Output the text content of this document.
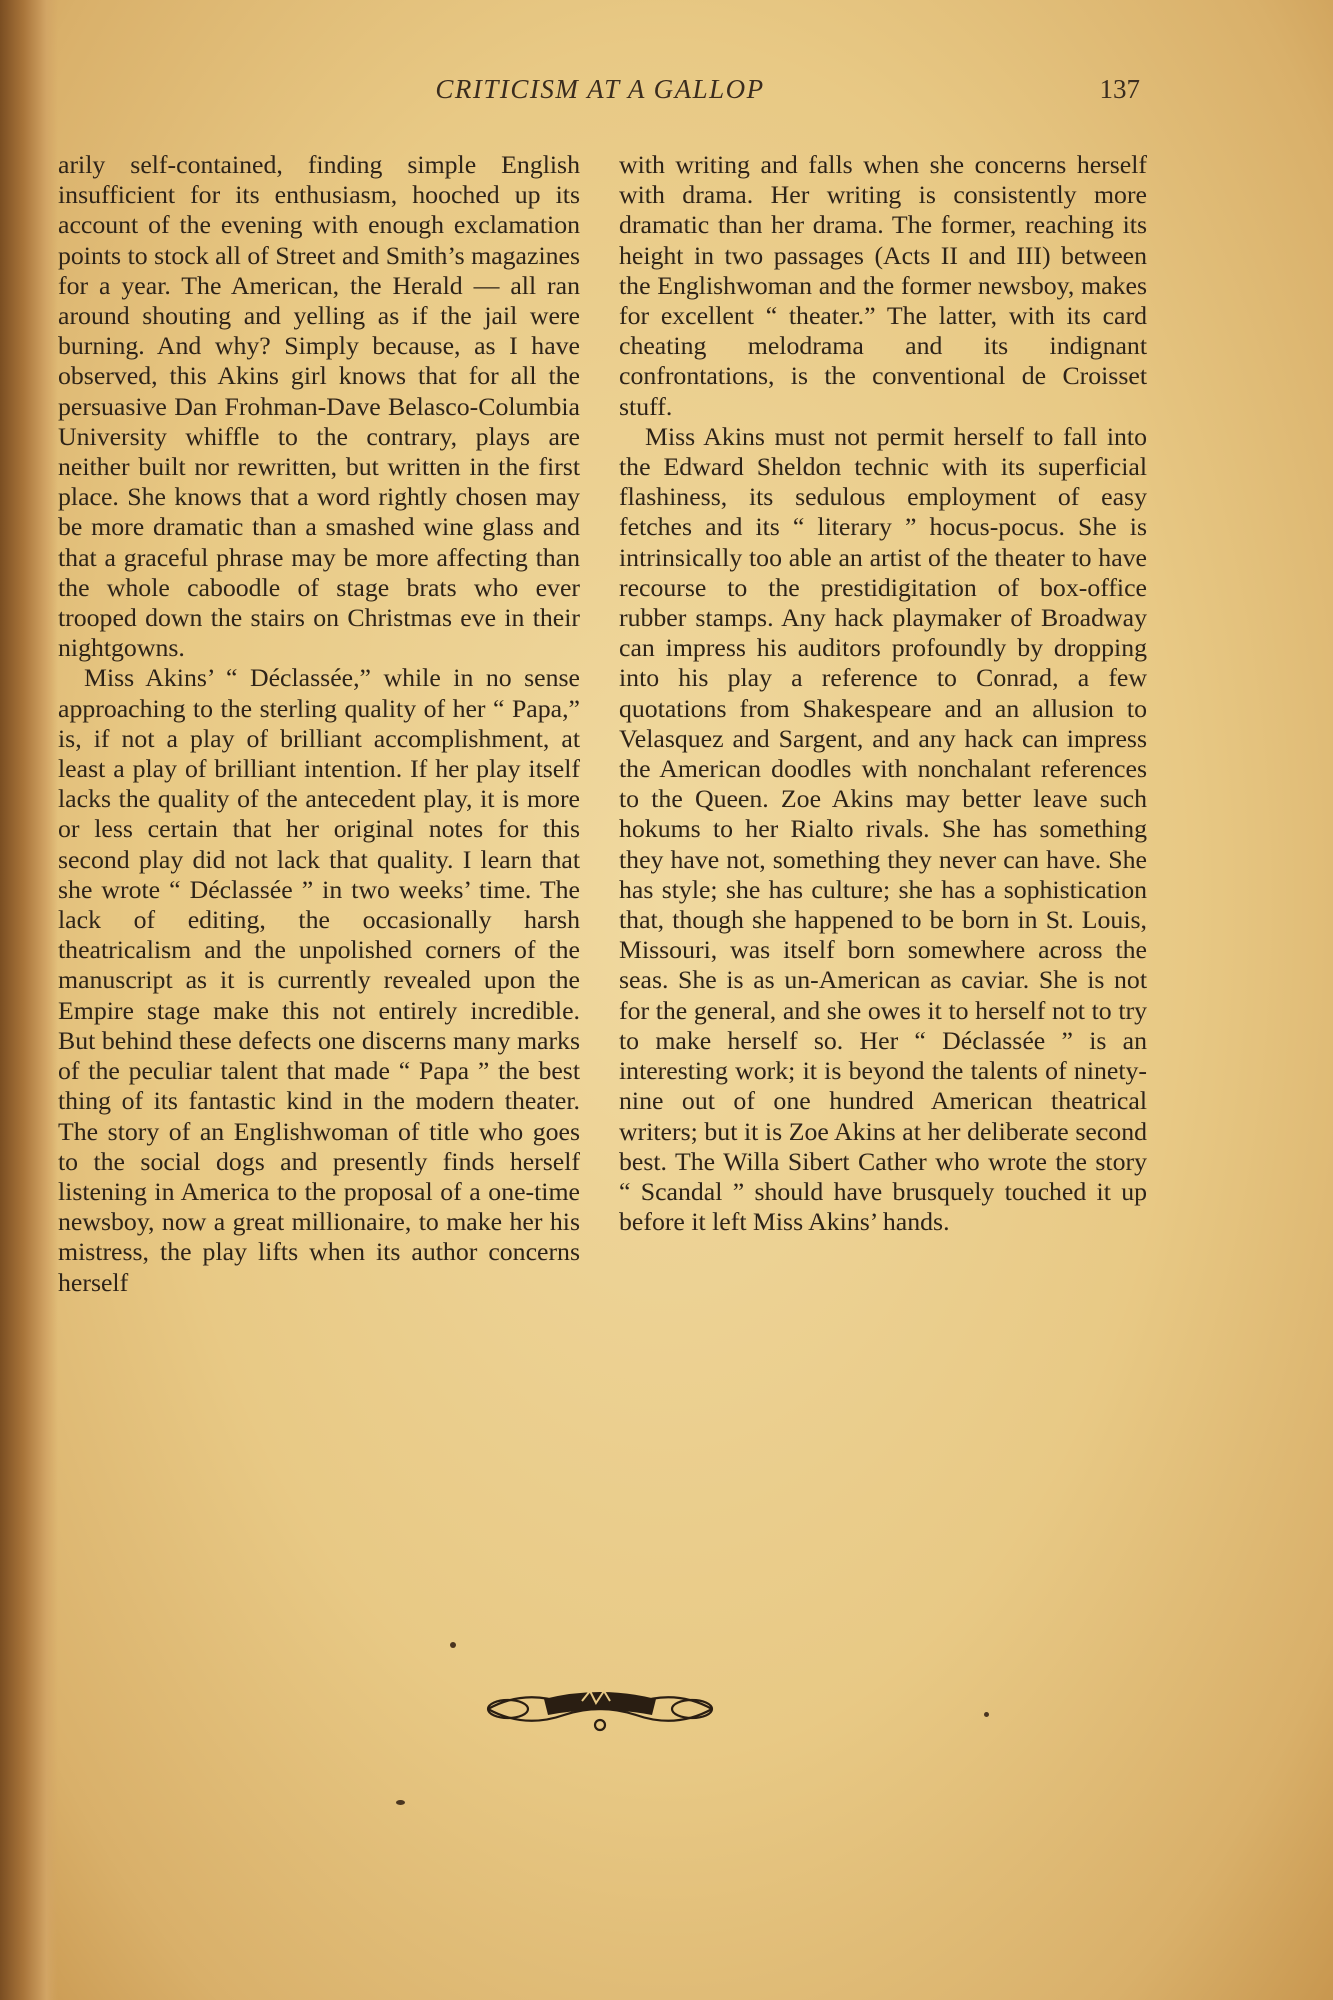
CRITICISM AT A GALLOP	137

arily self-contained, finding simple English insufficient for its enthusiasm, hooched up its account of the evening with enough exclamation points to stock all of Street and Smith’s magazines for a year. The American, the Herald — all ran around shouting and yelling as if the jail were burning. And why? Simply because, as I have observed, this Akins girl knows that for all the persuasive Dan Frohman-Dave Belasco-Columbia University whiffle to the contrary, plays are neither built nor rewritten, but written in the first place. She knows that a word rightly chosen may be more dramatic than a smashed wine glass and that a graceful phrase may be more affecting than the whole caboodle of stage brats who ever trooped down the stairs on Christmas eve in their nightgowns.

Miss Akins’ “ Déclassée,” while in no sense approaching to the sterling quality of her “ Papa,” is, if not a play of brilliant accomplishment, at least a play of brilliant intention. If her play itself lacks the quality of the antecedent play, it is more or less certain that her original notes for this second play did not lack that quality. I learn that she wrote “ Déclassée ” in two weeks’ time. The lack of editing, the occasionally harsh theatricalism and the unpolished corners of the manuscript as it is currently revealed upon the Empire stage make this not entirely incredible. But behind these defects one discerns many marks of the peculiar talent that made “ Papa ” the best thing of its fantastic kind in the modern theater. The story of an Englishwoman of title who goes to the social dogs and presently finds herself listening in America to the proposal of a one-time newsboy, now a great millionaire, to make her his mistress, the play lifts when its author concerns herself

with writing and falls when she concerns herself with drama. Her writing is consistently more dramatic than her drama. The former, reaching its height in two passages (Acts II and III) between the Englishwoman and the former newsboy, makes for excellent “ theater.” The latter, with its card cheating melodrama and its indignant confrontations, is the conventional de Croisset stuff.

Miss Akins must not permit herself to fall into the Edward Sheldon technic with its superficial flashiness, its sedulous employment of easy fetches and its “ literary ” hocus-pocus. She is intrinsically too able an artist of the theater to have recourse to the prestidigitation of box-office rubber stamps. Any hack playmaker of Broadway can impress his auditors profoundly by dropping into his play a reference to Conrad, a few quotations from Shakespeare and an allusion to Velasquez and Sargent, and any hack can impress the American doodles with nonchalant references to the Queen. Zoe Akins may better leave such hokums to her Rialto rivals. She has something they have not, something they never can have. She has style; she has culture; she has a sophistication that, though she happened to be born in St. Louis, Missouri, was itself born somewhere across the seas. She is as un-American as caviar. She is not for the general, and she owes it to herself not to try to make herself so. Her “ Déclassée ” is an interesting work; it is beyond the talents of ninety-nine out of one hundred American theatrical writers; but it is Zoe Akins at her deliberate second best. The Willa Sibert Cather who wrote the story “ Scandal ” should have brusquely touched it up before it left Miss Akins’ hands.
